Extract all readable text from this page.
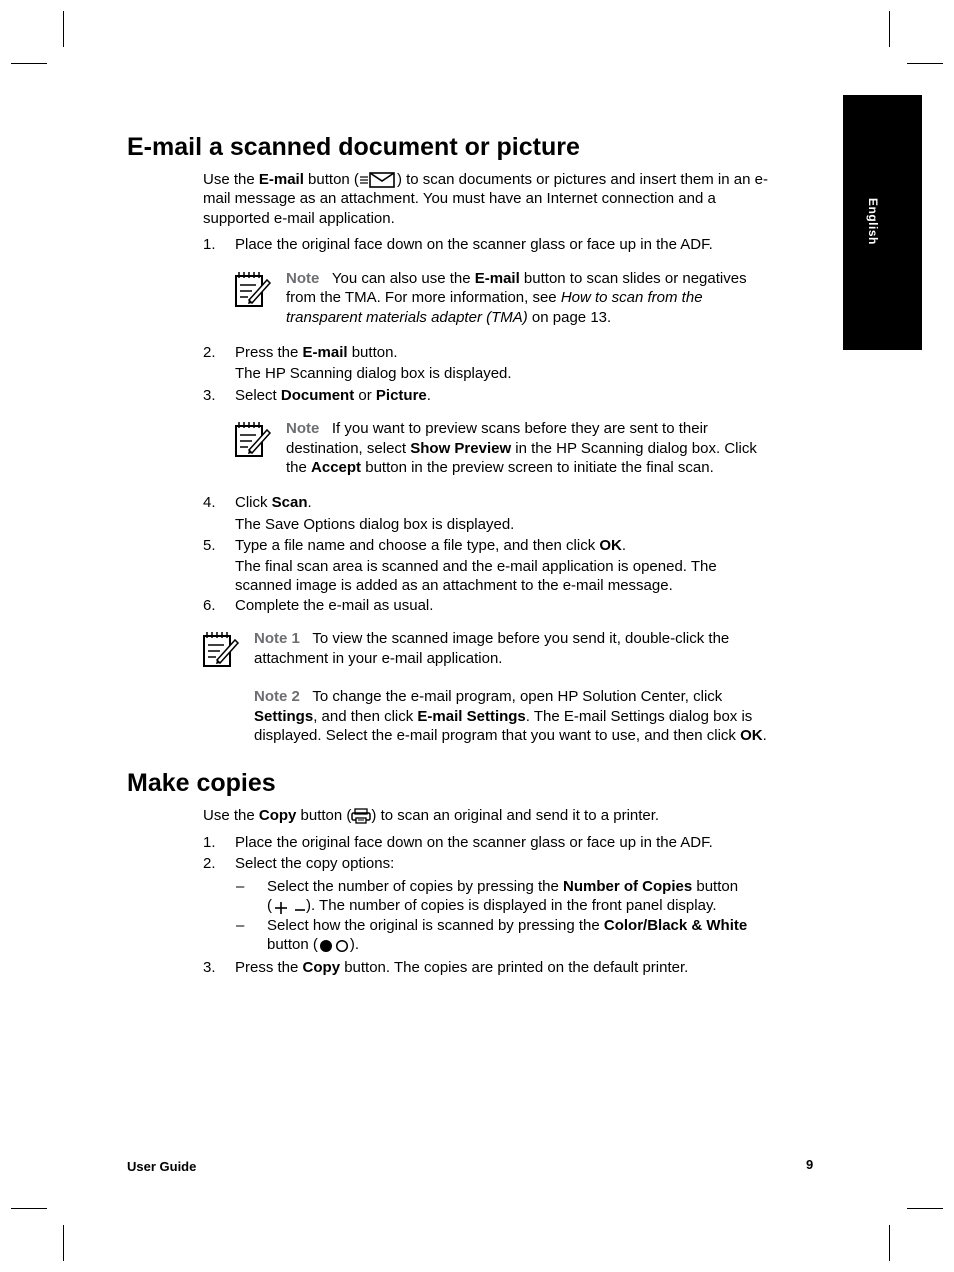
English
E-mail a scanned document or picture
Use the E-mail button (	) to scan documents or pictures and insert them in an e-
mail message as an attachment. You must have an Internet connection and a
supported e-mail application.
1.	Place the original face down on the scanner glass or face up in the ADF.
Note You can also use the E-mail button to scan slides or negatives
from the TMA. For more information, see How to scan from the
transparent materials adapter (TMA) on page 13.
2.	Press the E-mail button.
The HP Scanning dialog box is displayed.
3.	Select Document or Picture.
Note If you want to preview scans before they are sent to their
destination, select Show Preview in the HP Scanning dialog box. Click
the Accept button in the preview screen to initiate the final scan.
4.	Click Scan.
The Save Options dialog box is displayed.
5.	Type a file name and choose a file type, and then click OK.
The final scan area is scanned and the e-mail application is opened. The
scanned image is added as an attachment to the e-mail message.
6.	Complete the e-mail as usual.
Note 1 To view the scanned image before you send it, double-click the
attachment in your e-mail application.
Note 2 To change the e-mail program, open HP Solution Center, click
Settings, and then click E-mail Settings. The E-mail Settings dialog box is
displayed. Select the e-mail program that you want to use, and then click OK.
Make copies
Use the Copy button ( ) to scan an original and send it to a printer.
1.	Place the original face down on the scanner glass or face up in the ADF.
2.	Select the copy options:
– Select the number of copies by pressing the Number of Copies button
( ). The number of copies is displayed in the front panel display.
– Select how the original is scanned by pressing the Color/Black & White
button ( ).
3.	Press the Copy button. The copies are printed on the default printer.
User Guide	9
